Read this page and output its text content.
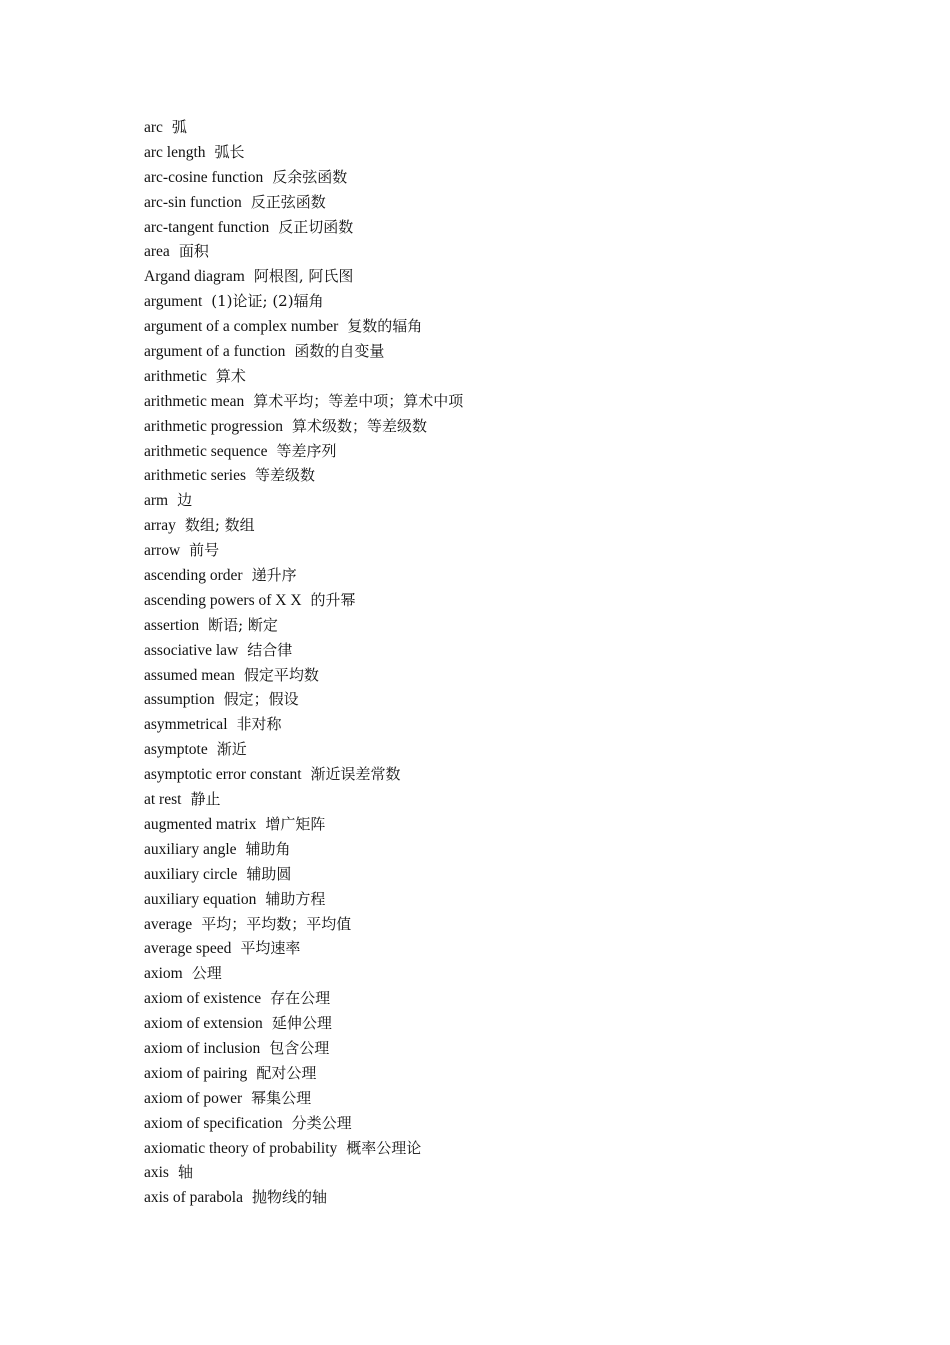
arc 弧
arc length 弧长
arc-cosine function 反余弦函数
arc-sin function 反正弦函数
arc-tangent function 反正切函数
area 面积
Argand diagram 阿根图, 阿氏图
argument (1)论证; (2)辐角
argument of a complex number 复数的辐角
argument of a function 函数的自变量
arithmetic 算术
arithmetic mean 算术平均；等差中项；算术中项
arithmetic progression 算术级数；等差级数
arithmetic sequence 等差序列
arithmetic series 等差级数
arm 边
array 数组; 数组
arrow 前号
ascending order 递升序
ascending powers of X X 的升幂
assertion 断语; 断定
associative law 结合律
assumed mean 假定平均数
assumption 假定；假设
asymmetrical 非对称
asymptote 渐近
asymptotic error constant 渐近误差常数
at rest 静止
augmented matrix 增广矩阵
auxiliary angle 辅助角
auxiliary circle 辅助圆
auxiliary equation 辅助方程
average 平均；平均数；平均值
average speed 平均速率
axiom 公理
axiom of existence 存在公理
axiom of extension 延伸公理
axiom of inclusion 包含公理
axiom of pairing 配对公理
axiom of power 幂集公理
axiom of specification 分类公理
axiomatic theory of probability 概率公理论
axis 轴
axis of parabola 抛物线的轴
